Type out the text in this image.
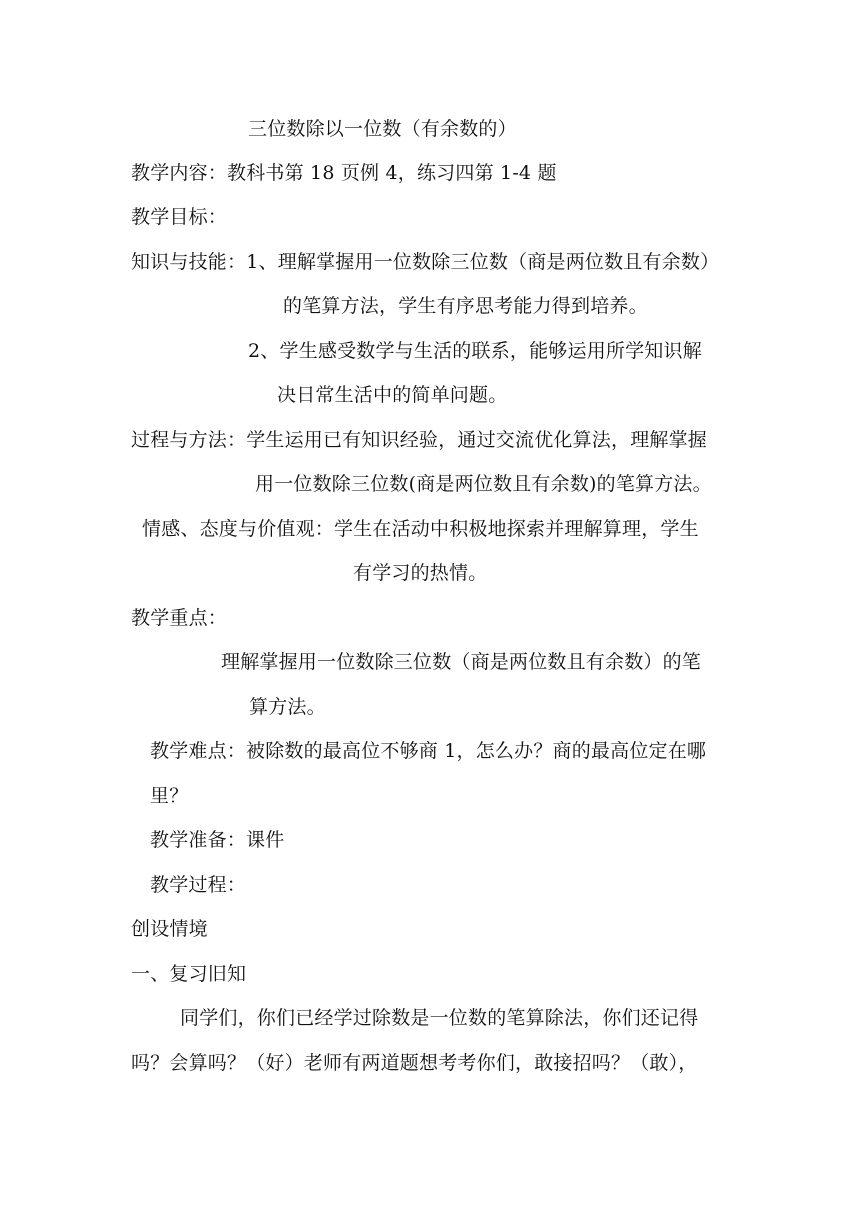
三位数除以一位数（有余数的）
教学内容：教科书第 18 页例 4，练习四第 1-4 题
教学目标：
知识与技能：1、理解掌握用一位数除三位数（商是两位数且有余数）
的笔算方法，学生有序思考能力得到培养。
2、学生感受数学与生活的联系，能够运用所学知识解
决日常生活中的简单问题。
过程与方法：学生运用已有知识经验，通过交流优化算法，理解掌握
用一位数除三位数(商是两位数且有余数)的笔算方法。
情感、态度与价值观：学生在活动中积极地探索并理解算理，学生
有学习的热情。
教学重点：
理解掌握用一位数除三位数（商是两位数且有余数）的笔
算方法。
教学难点：被除数的最高位不够商 1，怎么办？商的最高位定在哪
里？
教学准备：课件
教学过程：
创设情境
一、复习旧知
同学们，你们已经学过除数是一位数的笔算除法，你们还记得
吗？会算吗？（好）老师有两道题想考考你们，敢接招吗？（敢），
